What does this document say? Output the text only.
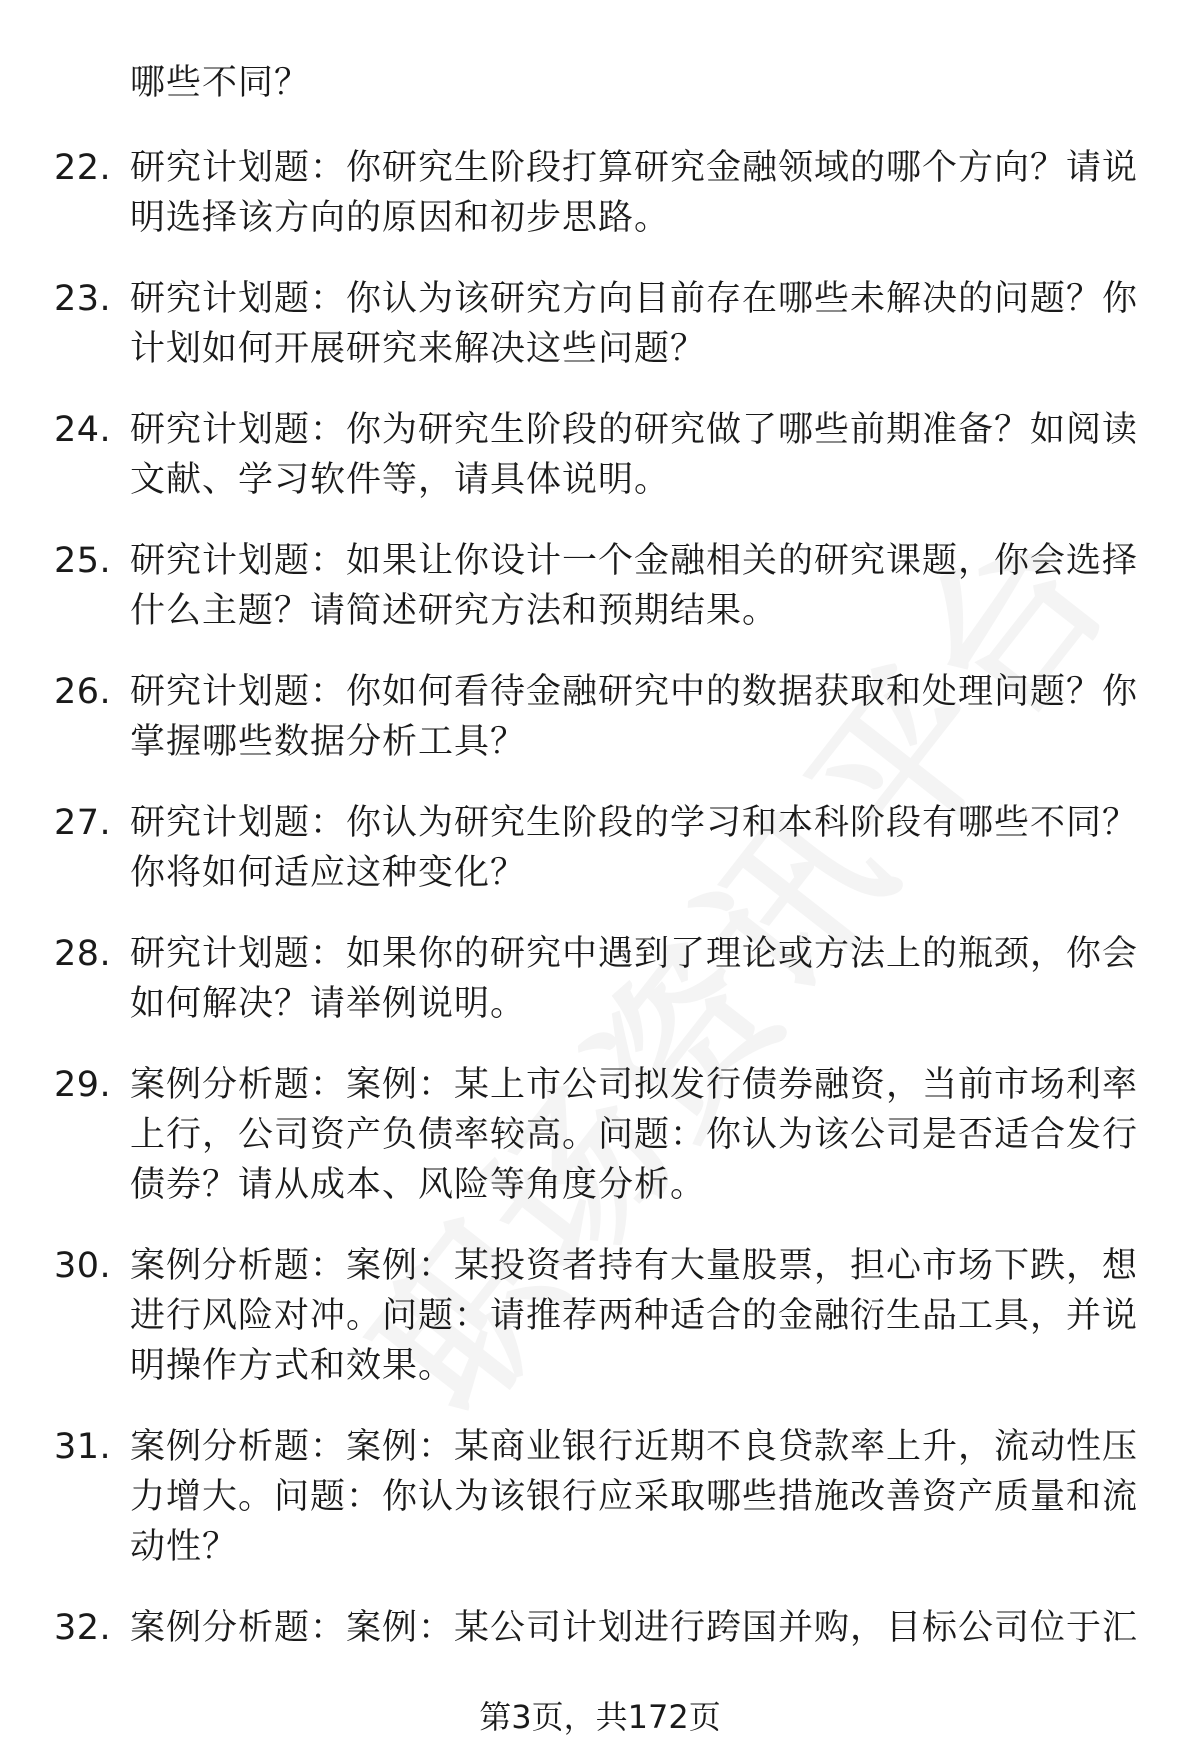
哪些不同？
22. 研究计划题：你研究生阶段打算研究金融领域的哪个方向？请说明选择该方向的原因和初步思路。
23. 研究计划题：你认为该研究方向目前存在哪些未解决的问题？你计划如何开展研究来解决这些问题？
24. 研究计划题：你为研究生阶段的研究做了哪些前期准备？如阅读文献、学习软件等，请具体说明。
25. 研究计划题：如果让你设计一个金融相关的研究课题，你会选择什么主题？请简述研究方法和预期结果。
26. 研究计划题：你如何看待金融研究中的数据获取和处理问题？你掌握哪些数据分析工具？
27. 研究计划题：你认为研究生阶段的学习和本科阶段有哪些不同？你将如何适应这种变化？
28. 研究计划题：如果你的研究中遇到了理论或方法上的瓶颈，你会如何解决？请举例说明。
29. 案例分析题：案例：某上市公司拟发行债券融资，当前市场利率上行，公司资产负债率较高。问题：你认为该公司是否适合发行债券？请从成本、风险等角度分析。
30. 案例分析题：案例：某投资者持有大量股票，担心市场下跌，想进行风险对冲。问题：请推荐两种适合的金融衍生品工具，并说明操作方式和效果。
31. 案例分析题：案例：某商业银行近期不良贷款率上升，流动性压力增大。问题：你认为该银行应采取哪些措施改善资产质量和流动性？
32. 案例分析题：案例：某公司计划进行跨国并购，目标公司位于汇
第3页，共172页
